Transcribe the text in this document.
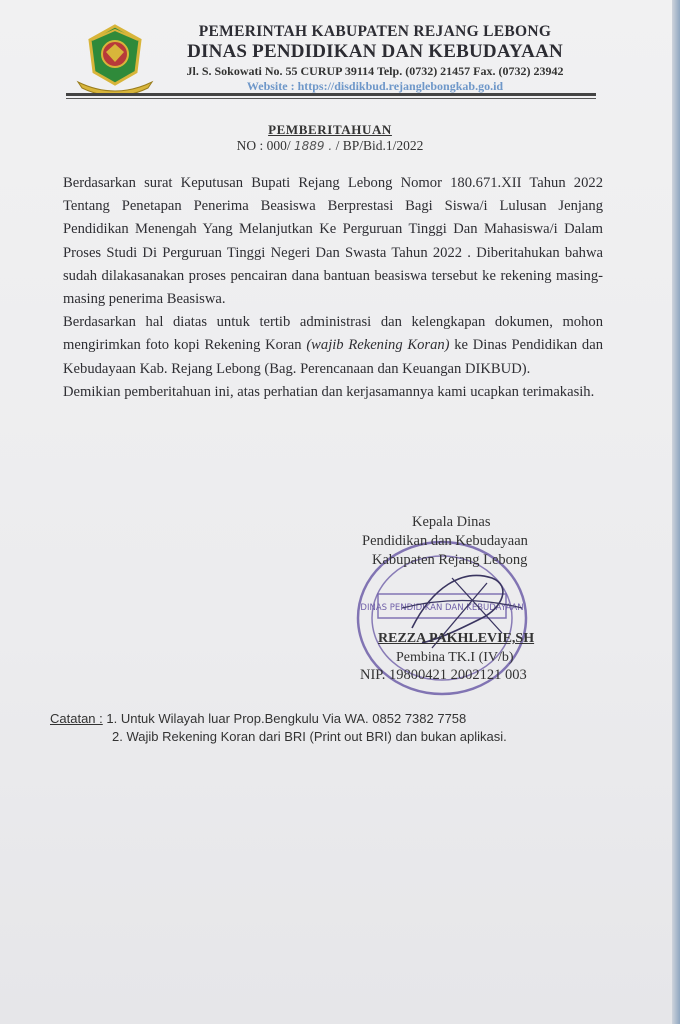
PEMERINTAH KABUPATEN REJANG LEBONG
DINAS PENDIDIKAN DAN KEBUDAYAAN
Jl. S. Sokowati No. 55 CURUP 39114 Telp. (0732) 21457 Fax. (0732) 23942
Website : https://disdikbud.rejanglebongkab.go.id
PEMBERITAHUAN
NO : 000/ 1889 . / BP/Bid.1/2022

Berdasarkan surat Keputusan Bupati Rejang Lebong Nomor 180.671.XII Tahun 2022 Tentang Penetapan Penerima Beasiswa Berprestasi Bagi Siswa/i Lulusan Jenjang Pendidikan Menengah Yang Melanjutkan Ke Perguruan Tinggi Dan Mahasiswa/i Dalam Proses Studi Di Perguruan Tinggi Negeri Dan Swasta Tahun 2022 . Diberitahukan bahwa sudah dilakasanakan proses pencairan dana bantuan beasiswa tersebut ke rekening masing-masing penerima Beasiswa.

Berdasarkan hal diatas untuk tertib administrasi dan kelengkapan dokumen, mohon mengirimkan foto kopi Rekening Koran (wajib Rekening Koran) ke Dinas Pendidikan dan Kebudayaan Kab. Rejang Lebong (Bag. Perencanaan dan Keuangan DIKBUD).

Demikian pemberitahuan ini, atas perhatian dan kerjasamannya kami ucapkan terimakasih.

DINAS PENDIDIKAN DAN KEBUDAYAAN
Kepala Dinas
Pendidikan dan Kebudayaan
Kabupaten Rejang Lebong
REZZA PAKHLEVIE,SH
Pembina TK.I (IV/b)
NIP. 19800421 2002121 003
Catatan : 1. Untuk Wilayah luar Prop.Bengkulu Via WA. 0852 7382 7758
2. Wajib Rekening Koran dari BRI (Print out BRI) dan bukan aplikasi.
